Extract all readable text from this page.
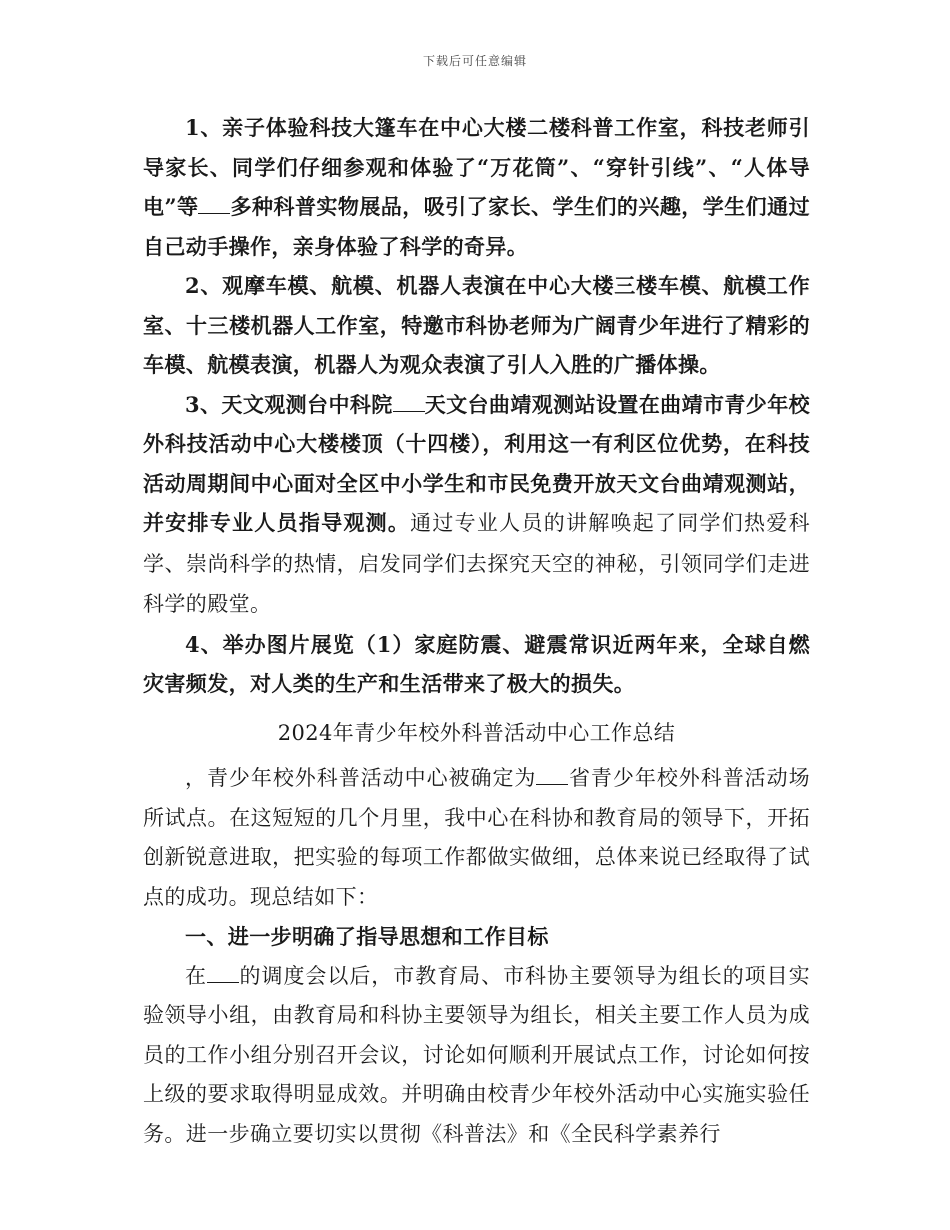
下载后可任意编辑

1、亲子体验科技大篷车在中心大楼二楼科普工作室，科技老师引导家长、同学们仔细参观和体验了“万花筒”、“穿针引线”、“人体导电”等 多种科普实物展品，吸引了家长、学生们的兴趣，学生们通过自己动手操作，亲身体验了科学的奇异。

2、观摩车模、航模、机器人表演在中心大楼三楼车模、航模工作室、十三楼机器人工作室，特邀市科协老师为广阔青少年进行了精彩的车模、航模表演，机器人为观众表演了引人入胜的广播体操。

3、天文观测台中科院 天文台曲靖观测站设置在曲靖市青少年校外科技活动中心大楼楼顶（十四楼），利用这一有利区位优势，在科技活动周期间中心面对全区中小学生和市民免费开放天文台曲靖观测站，并安排专业人员指导观测。通过专业人员的讲解唤起了同学们热爱科学、崇尚科学的热情，启发同学们去探究天空的神秘，引领同学们走进科学的殿堂。

4、举办图片展览（1）家庭防震、避震常识近两年来，全球自燃灾害频发，对人类的生产和生活带来了极大的损失。

2024年青少年校外科普活动中心工作总结

，青少年校外科普活动中心被确定为 省青少年校外科普活动场所试点。在这短短的几个月里，我中心在科协和教育局的领导下，开拓创新锐意进取，把实验的每项工作都做实做细，总体来说已经取得了试点的成功。现总结如下：

一、进一步明确了指导思想和工作目标

在 的调度会以后，市教育局、市科协主要领导为组长的项目实验领导小组，由教育局和科协主要领导为组长，相关主要工作人员为成员的工作小组分别召开会议，讨论如何顺利开展试点工作，讨论如何按上级的要求取得明显成效。并明确由校青少年校外活动中心实施实验任务。进一步确立要切实以贯彻《科普法》和《全民科学素养行
